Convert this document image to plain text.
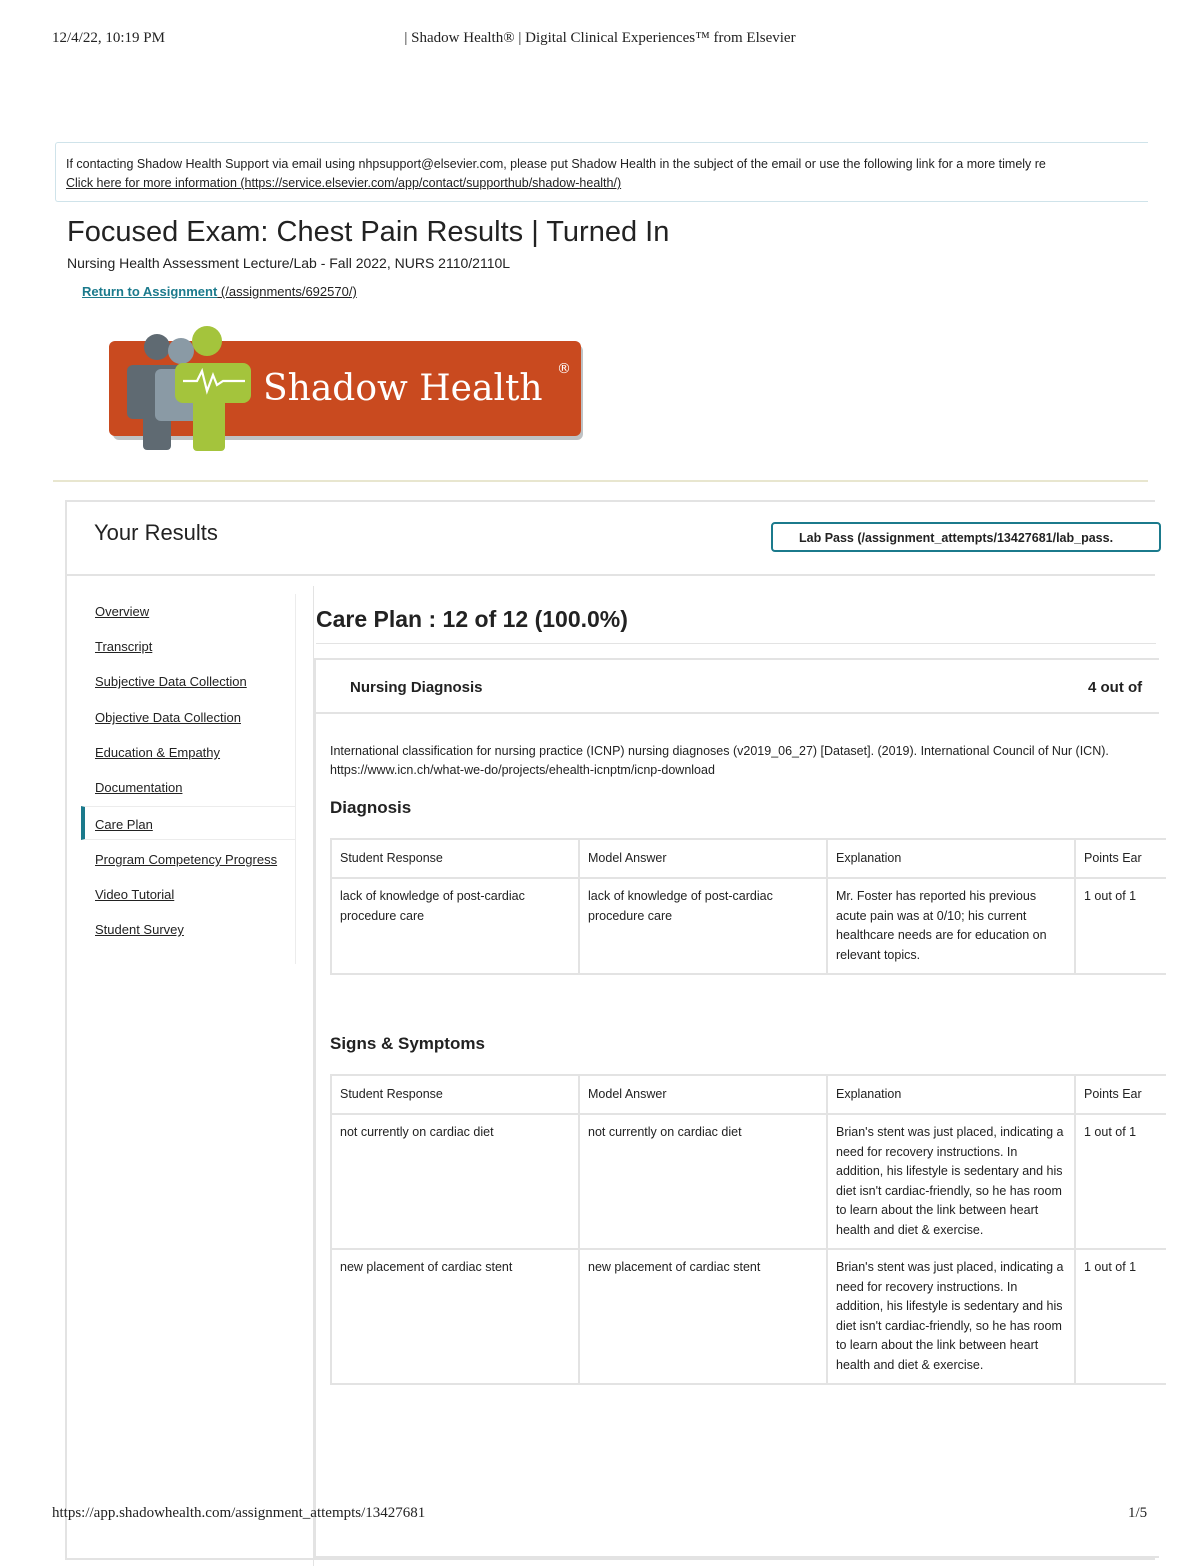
12/4/22, 10:19 PM	| Shadow Health® | Digital Clinical Experiences™ from Elsevier
If contacting Shadow Health Support via email using nhpsupport@elsevier.com, please put Shadow Health in the subject of the email or use the following link for a more timely re
Click here for more information (https://service.elsevier.com/app/contact/supporthub/shadow-health/)
Focused Exam: Chest Pain Results | Turned In
Nursing Health Assessment Lecture/Lab - Fall 2022, NURS 2110/2110L
Return to Assignment (/assignments/692570/)
Shadow Health ®
Your Results	Lab Pass (/assignment_attempts/13427681/lab_pass.
Overview
Transcript
Subjective Data Collection
Objective Data Collection
Education & Empathy
Documentation
Care Plan
Program Competency Progress
Video Tutorial
Student Survey
Care Plan : 12 of 12 (100.0%)
Nursing Diagnosis	4 out of
International classification for nursing practice (ICNP) nursing diagnoses (v2019_06_27) [Dataset]. (2019). International Council of Nur (ICN). https://www.icn.ch/what-we-do/projects/ehealth-icnptm/icnp-download
Diagnosis
Student Response	Model Answer	Explanation	Points Ear
lack of knowledge of post-cardiac procedure care	lack of knowledge of post-cardiac procedure care	Mr. Foster has reported his previous acute pain was at 0/10; his current healthcare needs are for education on relevant topics.	1 out of 1
Signs & Symptoms
Student Response	Model Answer	Explanation	Points Ear
not currently on cardiac diet	not currently on cardiac diet	Brian's stent was just placed, indicating a need for recovery instructions. In addition, his lifestyle is sedentary and his diet isn't cardiac-friendly, so he has room to learn about the link between heart health and diet & exercise.	1 out of 1
new placement of cardiac stent	new placement of cardiac stent	Brian's stent was just placed, indicating a need for recovery instructions. In addition, his lifestyle is sedentary and his diet isn't cardiac-friendly, so he has room to learn about the link between heart health and diet & exercise.	1 out of 1
https://app.shadowhealth.com/assignment_attempts/13427681	1/5
